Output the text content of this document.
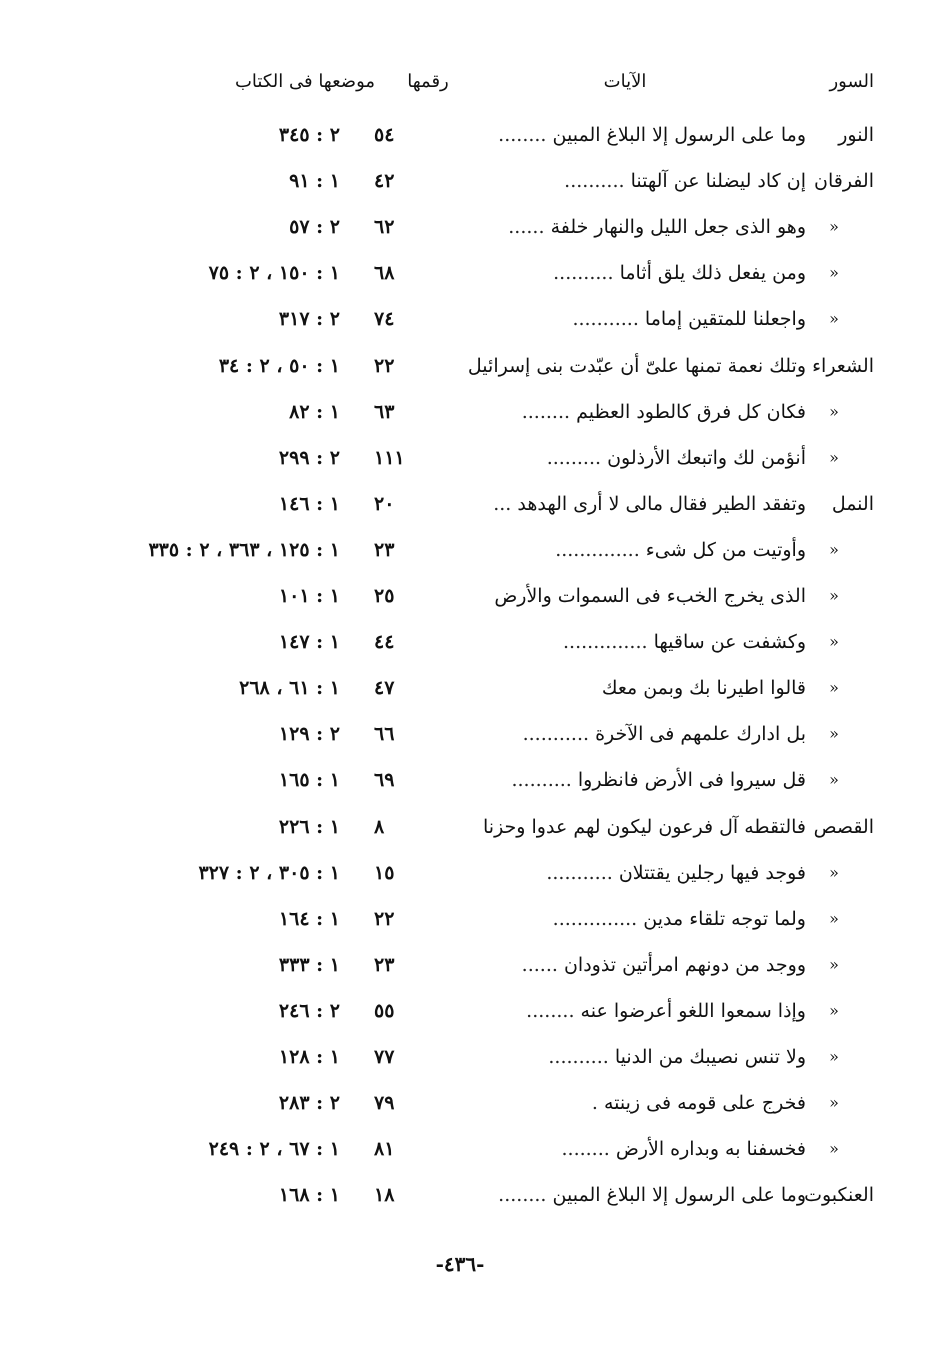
السور
الآيات
رقمها
موضعها فى الكتاب
النور
وما على الرسول إلا البلاغ المبين ........
٥٤
٢ : ٣٤٥
الفرقان
إن كاد ليضلنا عن آلهتنا ..........
٤٢
١ : ٩١
»
وهو الذى جعل الليل والنهار خلفة ......
٦٢
٢ : ٥٧
»
ومن يفعل ذلك يلق أثاما ..........
٦٨
١ : ١٥٠ ، ٢ : ٧٥
»
واجعلنا للمتقين إماما ...........
٧٤
٢ : ٣١٧
الشعراء
وتلك نعمة تمنها علىّ أن عبّدت بنى إسرائيل
٢٢
١ : ٥٠ ، ٢ : ٣٤
»
فكان كل فرق كالطود العظيم ........
٦٣
١ : ٨٢
»
أنؤمن لك واتبعك الأرذلون .........
١١١
٢ : ٢٩٩
النمل
وتفقد الطير فقال مالى لا أرى الهدهد ...
٢٠
١ : ١٤٦
»
وأوتيت من كل شىء ..............
٢٣
١ : ١٢٥ ، ٣٦٣ ، ٢ : ٣٣٥
»
الذى يخرج الخبء فى السموات والأرض
٢٥
١ : ١٠١
»
وكشفت عن ساقيها ..............
٤٤
١ : ١٤٧
»
قالوا اطيرنا بك وبمن معك
٤٧
١ : ٦١ ، ٢٦٨
»
بل ادارك علمهم فى الآخرة ...........
٦٦
٢ : ١٢٩
»
قل سيروا فى الأرض فانظروا ..........
٦٩
١ : ١٦٥
القصص
فالتقطه آل فرعون ليكون لهم عدوا وحزنا
٨
١ : ٢٢٦
»
فوجد فيها رجلين يقتتلان ...........
١٥
١ : ٣٠٥ ، ٢ : ٣٢٧
»
ولما توجه تلقاء مدين ..............
٢٢
١ : ١٦٤
»
ووجد من دونهم امرأتين تذودان ......
٢٣
١ : ٣٣٣
»
وإذا سمعوا اللغو أعرضوا عنه ........
٥٥
٢ : ٢٤٦
»
ولا تنس نصيبك من الدنيا ..........
٧٧
١ : ١٢٨
»
فخرج على قومه فى زينته .
٧٩
٢ : ٢٨٣
»
فخسفنا به وبداره الأرض ........
٨١
١ : ٦٧ ، ٢ : ٢٤٩
العنكبوت
وما على الرسول إلا البلاغ المبين ........
١٨
١ : ١٦٨
-٤٣٦-
